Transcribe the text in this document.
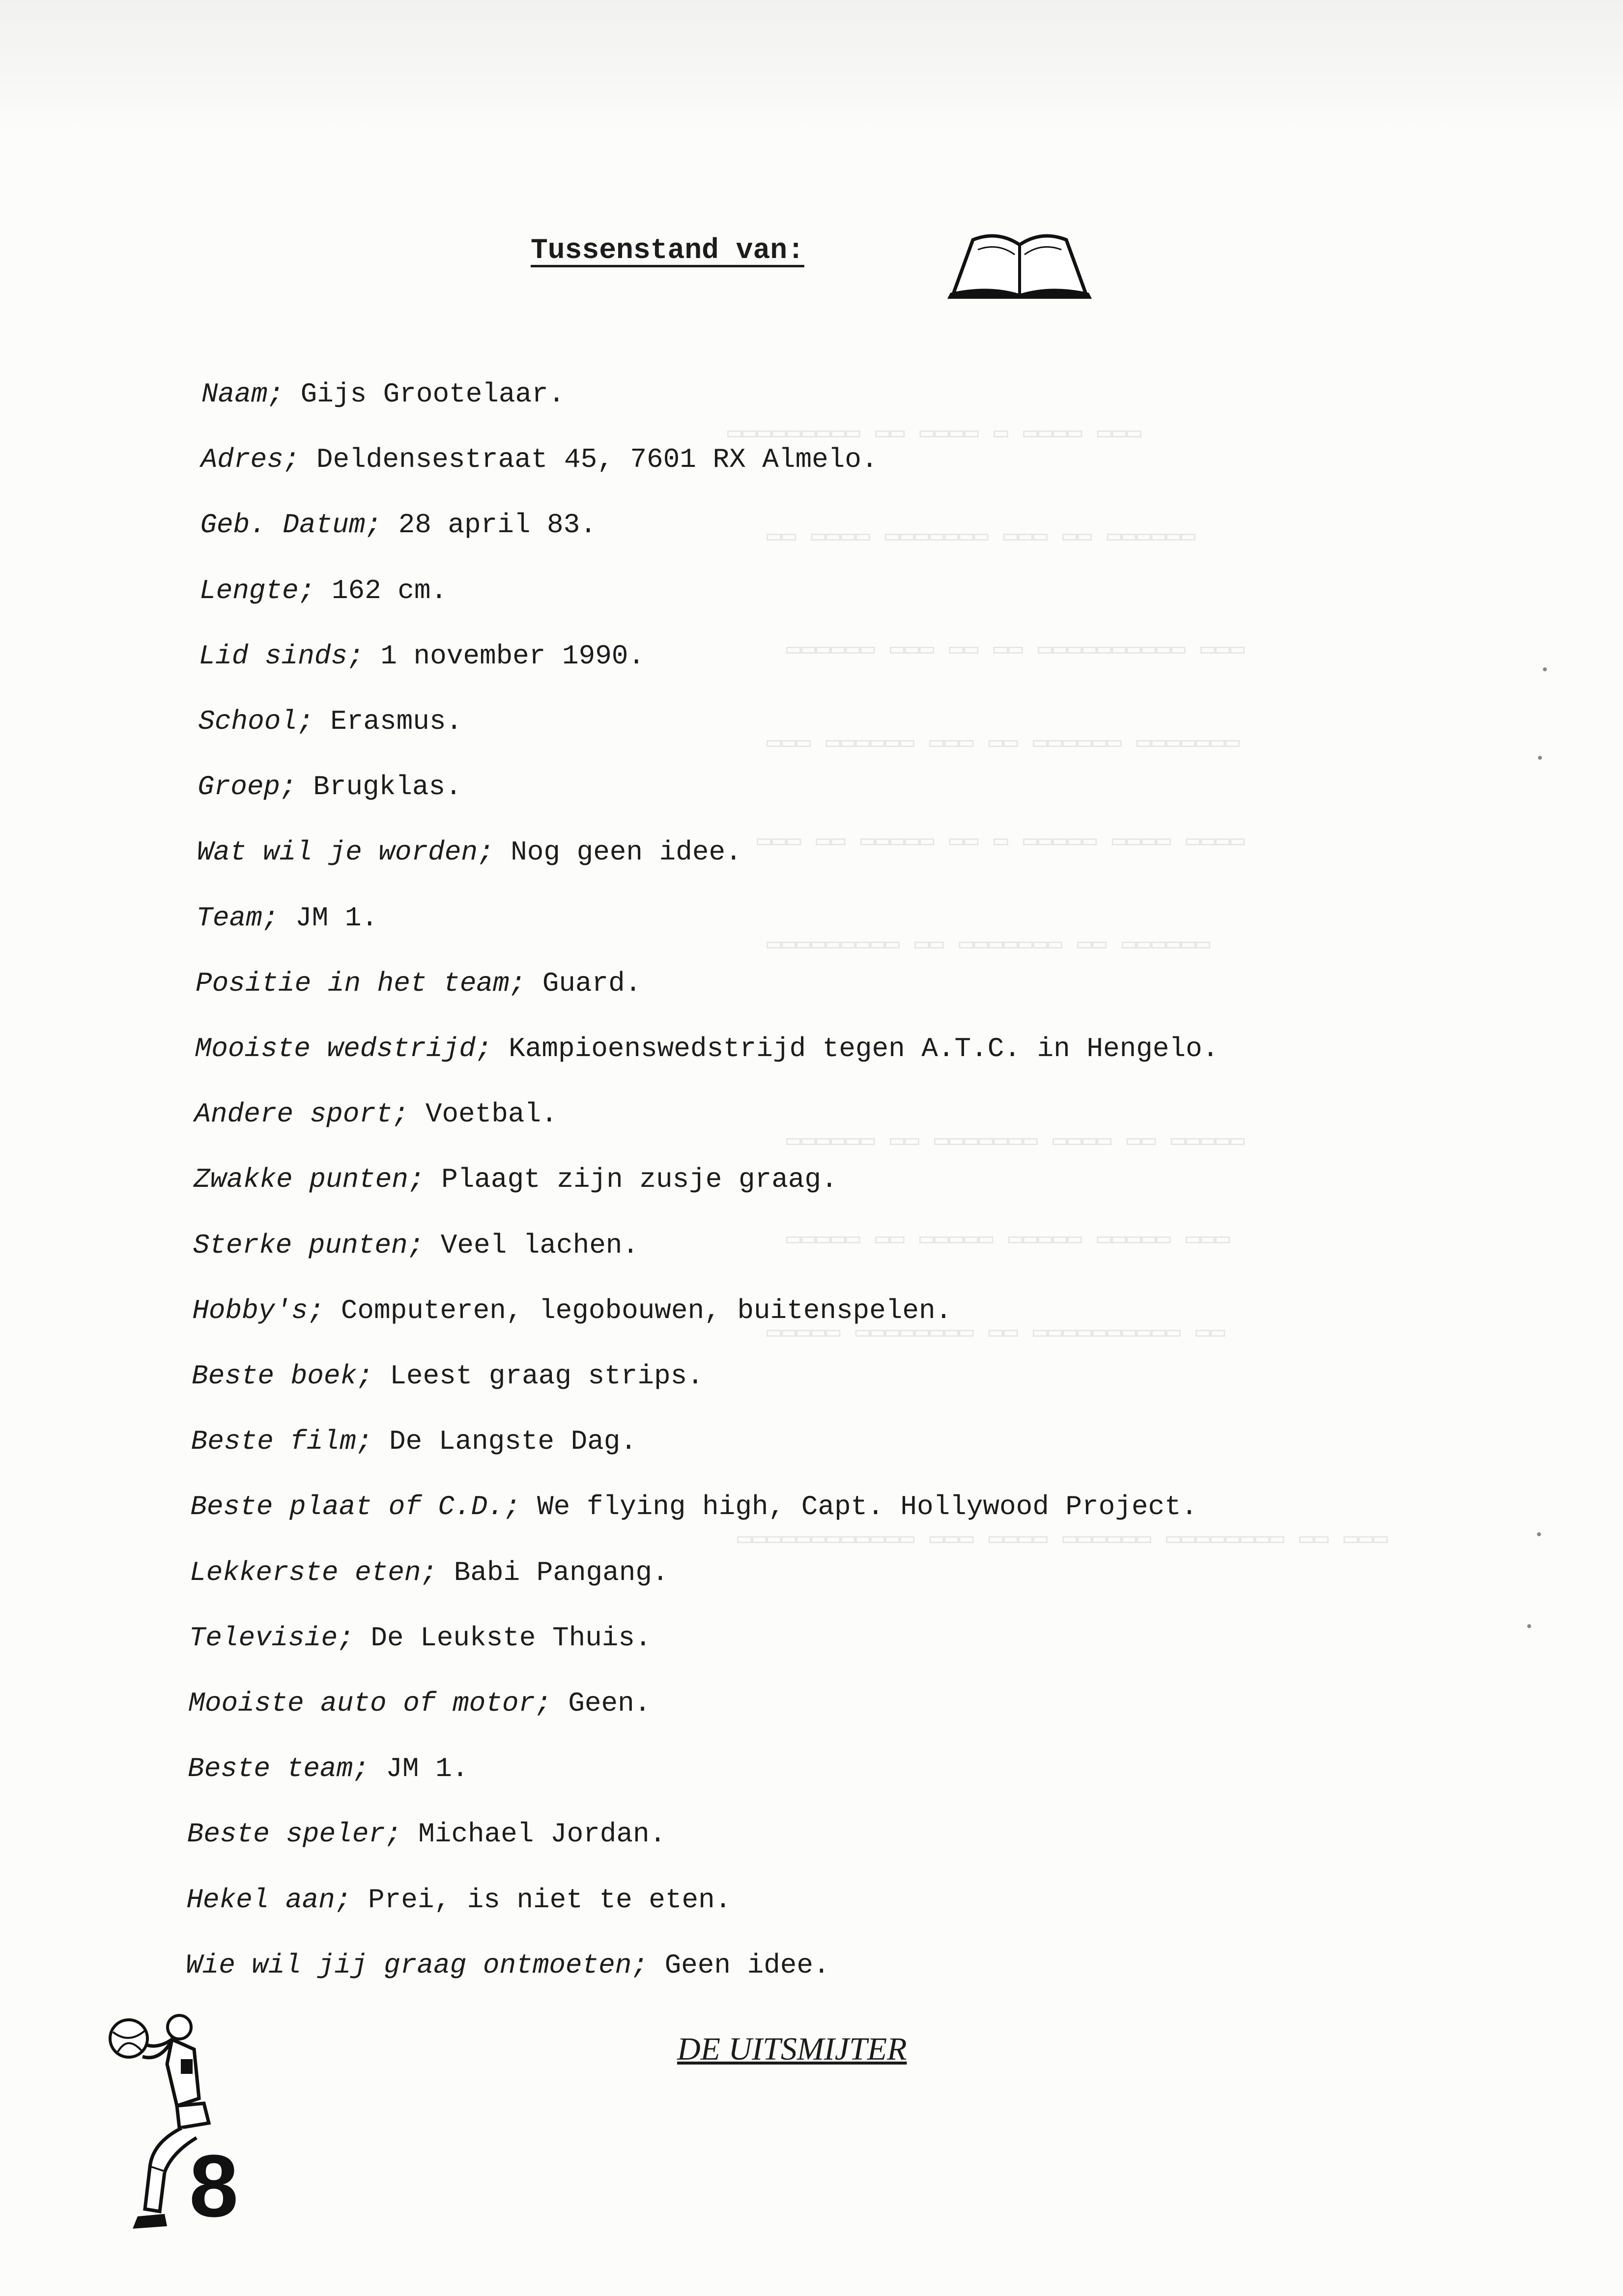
▭▭▭ ▭▭▭▭ ▭ ▭▭▭▭ ▭▭ ▭▭▭▭▭▭▭▭▭
▭▭▭▭▭▭ ▭▭ ▭▭▭ ▭▭▭▭▭▭▭ ▭▭▭▭ ▭▭
▭▭▭ ▭▭▭▭▭▭▭▭▭▭ ▭▭ ▭▭ ▭▭▭ ▭▭▭▭▭▭
▭▭▭▭▭▭▭ ▭▭▭▭▭▭ ▭▭ ▭▭▭ ▭▭▭▭▭▭ ▭▭▭
▭▭▭▭ ▭▭▭▭ ▭▭▭▭▭ ▭ ▭▭ ▭▭▭▭▭ ▭▭ ▭▭▭
▭▭▭▭▭▭ ▭▭ ▭▭▭▭▭▭▭ ▭▭ ▭▭▭▭▭▭▭▭▭
▭▭▭▭▭ ▭▭ ▭▭▭▭ ▭▭▭▭▭▭▭ ▭▭ ▭▭▭▭▭▭
▭▭▭ ▭▭▭▭▭ ▭▭▭▭▭ ▭▭▭▭▭ ▭▭ ▭▭▭▭▭
▭▭ ▭▭▭▭▭▭▭▭▭▭ ▭▭ ▭▭▭▭▭▭▭▭ ▭▭▭▭▭
▭▭▭ ▭▭ ▭▭▭▭▭▭▭▭ ▭▭▭▭▭▭ ▭▭▭▭ ▭▭▭ ▭▭▭▭▭▭▭▭▭▭▭▭
Tussenstand van:
Naam; Gijs Grootelaar.
Adres; Deldensestraat 45, 7601 RX Almelo.
Geb. Datum; 28 april 83.
Lengte; 162 cm.
Lid sinds; 1 november 1990.
School; Erasmus.
Groep; Brugklas.
Wat wil je worden; Nog geen idee.
Team; JM 1.
Positie in het team; Guard.
Mooiste wedstrijd; Kampioenswedstrijd tegen A.T.C. in Hengelo.
Andere sport; Voetbal.
Zwakke punten; Plaagt zijn zusje graag.
Sterke punten; Veel lachen.
Hobby's; Computeren, legobouwen, buitenspelen.
Beste boek; Leest graag strips.
Beste film; De Langste Dag.
Beste plaat of C.D.; We flying high, Capt. Hollywood Project.
Lekkerste eten; Babi Pangang.
Televisie; De Leukste Thuis.
Mooiste auto of motor; Geen.
Beste team; JM 1.
Beste speler; Michael Jordan.
Hekel aan; Prei, is niet te eten.
Wie wil jij graag ontmoeten; Geen idee.
DE UITSMIJTER
8
